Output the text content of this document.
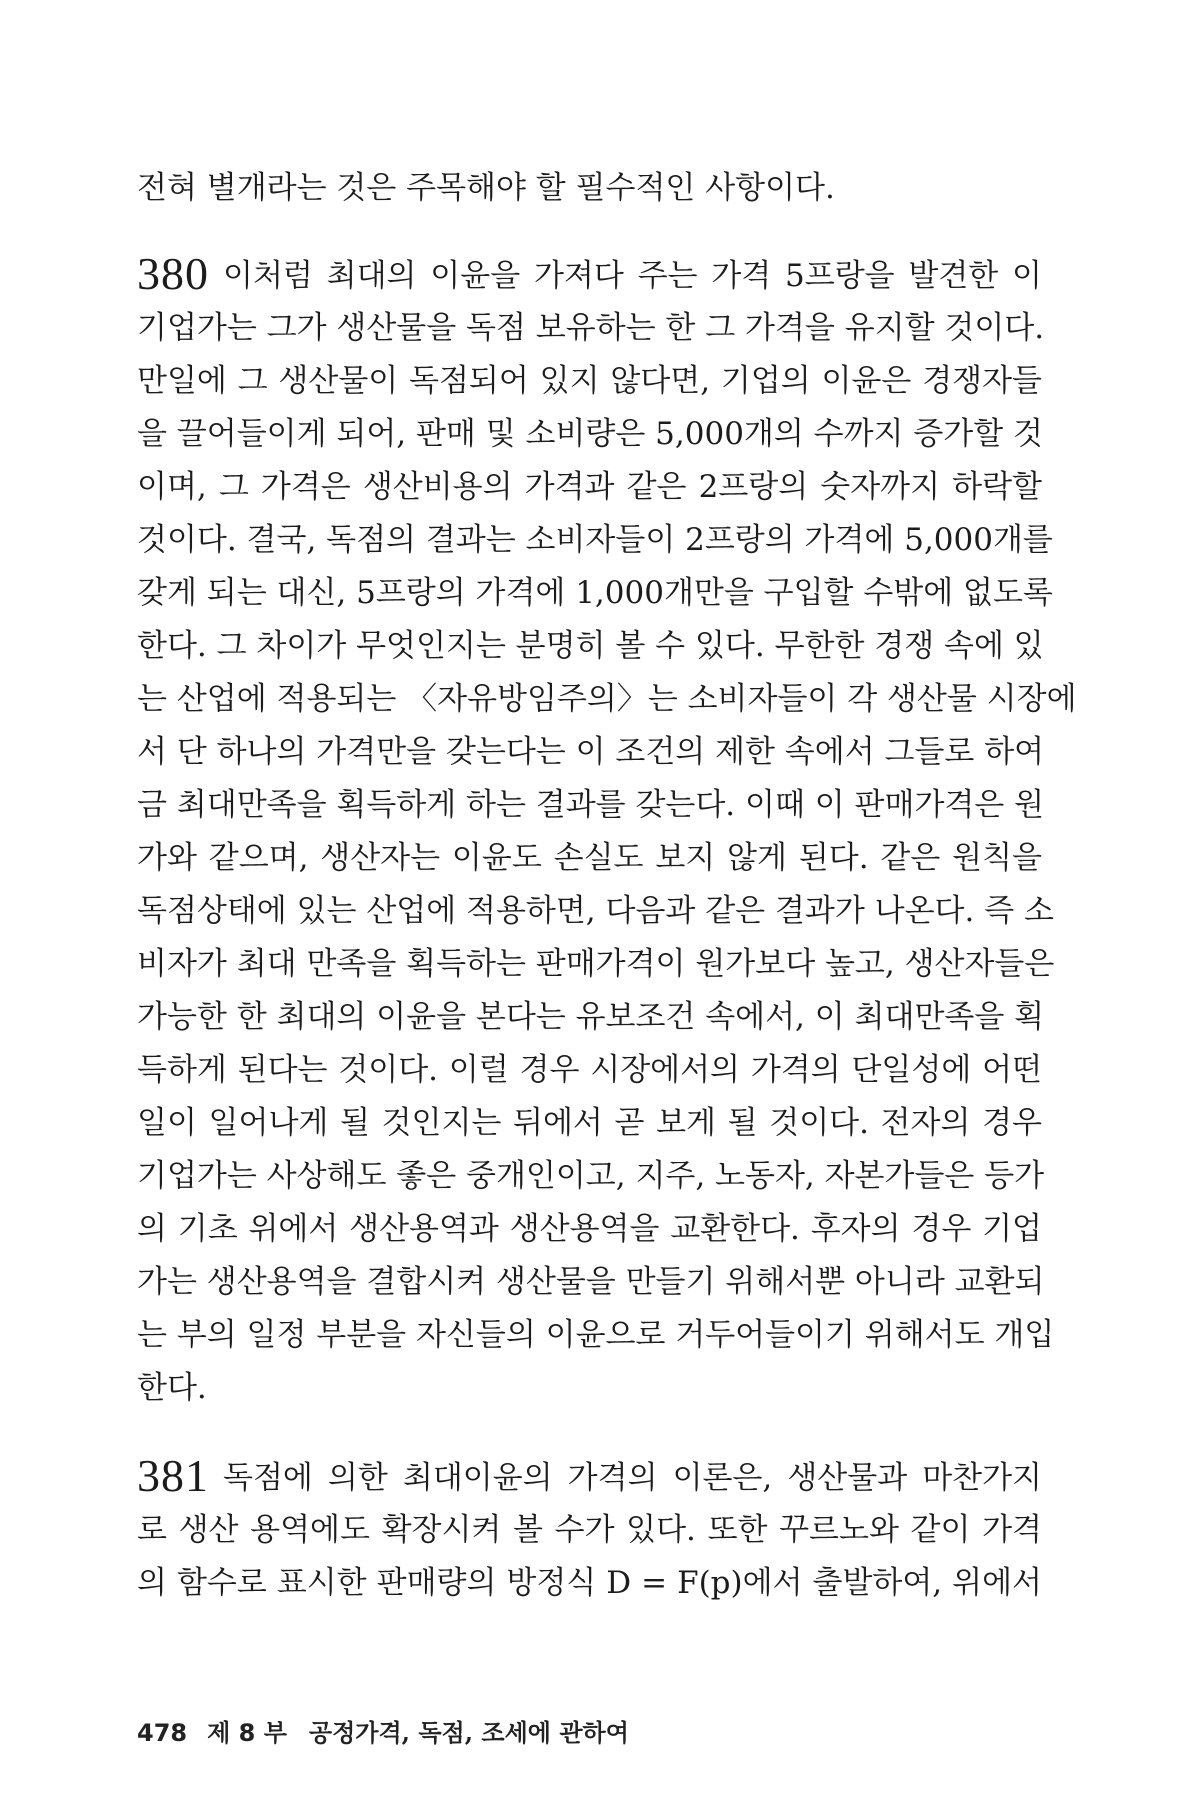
전혀 별개라는 것은 주목해야 할 필수적인 사항이다.
380 이처럼 최대의 이윤을 가져다 주는 가격 5프랑을 발견한 이
기업가는 그가 생산물을 독점 보유하는 한 그 가격을 유지할 것이다.
만일에 그 생산물이 독점되어 있지 않다면, 기업의 이윤은 경쟁자들
을 끌어들이게 되어, 판매 및 소비량은 5,000개의 수까지 증가할 것
이며, 그 가격은 생산비용의 가격과 같은 2프랑의 숫자까지 하락할
것이다. 결국, 독점의 결과는 소비자들이 2프랑의 가격에 5,000개를
갖게 되는 대신, 5프랑의 가격에 1,000개만을 구입할 수밖에 없도록
한다. 그 차이가 무엇인지는 분명히 볼 수 있다. 무한한 경쟁 속에 있
는 산업에 적용되는 〈자유방임주의〉는 소비자들이 각 생산물 시장에
서 단 하나의 가격만을 갖는다는 이 조건의 제한 속에서 그들로 하여
금 최대만족을 획득하게 하는 결과를 갖는다. 이때 이 판매가격은 원
가와 같으며, 생산자는 이윤도 손실도 보지 않게 된다. 같은 원칙을
독점상태에 있는 산업에 적용하면, 다음과 같은 결과가 나온다. 즉 소
비자가 최대 만족을 획득하는 판매가격이 원가보다 높고, 생산자들은
가능한 한 최대의 이윤을 본다는 유보조건 속에서, 이 최대만족을 획
득하게 된다는 것이다. 이럴 경우 시장에서의 가격의 단일성에 어떤
일이 일어나게 될 것인지는 뒤에서 곧 보게 될 것이다. 전자의 경우
기업가는 사상해도 좋은 중개인이고, 지주, 노동자, 자본가들은 등가
의 기초 위에서 생산용역과 생산용역을 교환한다. 후자의 경우 기업
가는 생산용역을 결합시켜 생산물을 만들기 위해서뿐 아니라 교환되
는 부의 일정 부분을 자신들의 이윤으로 거두어들이기 위해서도 개입
한다.
381 독점에 의한 최대이윤의 가격의 이론은, 생산물과 마찬가지
로 생산 용역에도 확장시켜 볼 수가 있다. 또한 꾸르노와 같이 가격
의 함수로 표시한 판매량의 방정식 D = F(p)에서 출발하여, 위에서
478 제 8 부 공정가격, 독점, 조세에 관하여
